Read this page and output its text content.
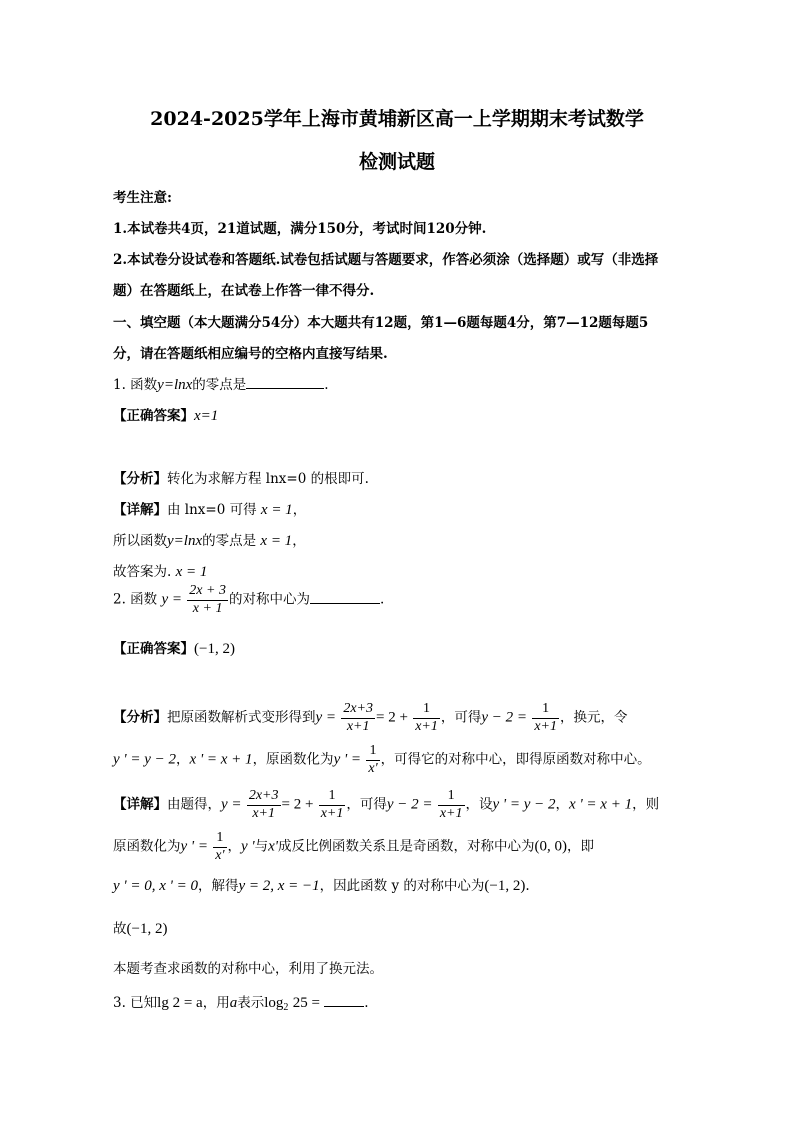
2024-2025学年上海市黄埔新区高一上学期期末考试数学
检测试题
考生注意:
1.本试卷共4页，21道试题，满分150分，考试时间120分钟.
2.本试卷分设试卷和答题纸.试卷包括试题与答题要求，作答必须涂（选择题）或写（非选择
题）在答题纸上，在试卷上作答一律不得分.
一、填空题（本大题满分54分）本大题共有12题，第1—6题每题4分，第7—12题每题5
分，请在答题纸相应编号的空格内直接写结果.
1. 函数y=lnx的零点是	.
【正确答案】x=1
【分析】转化为求解方程 lnx=0 的根即可.
【详解】由 lnx=0 可得 x = 1，
所以函数y=lnx的零点是 x = 1，
故答案为. x = 1
2. 函数 $y = \frac{2x + 3}{x + 1}$ 的对称中心为	.
【正确答案】(−1, 2)
【分析】把原函数解析式变形得到$y = \frac{2x+3}{x+1} = 2 + \frac{1}{x+1}$ ，可得$y - 2 = \frac{1}{x+1}$ ，换元，令
y ' = y − 2，x ' = x + 1，原函数化为y ' = $\frac{1}{x'}$ ，可得它的对称中心，即得原函数对称中心。
【详解】由题得，$y = \frac{2x+3}{x+1} = 2 + \frac{1}{x+1}$ ，可得$y - 2 = \frac{1}{x+1}$ ，设y ' = y − 2，x ' = x + 1，则
原函数化为y ' = $\frac{1}{x'}$ ，y '与x'成反比例函数关系且是奇函数，对称中心为(0, 0)，即
y ' = 0, x ' = 0，解得y = 2, x = −1，因此函数 y 的对称中心为(−1, 2).
故(−1, 2)
本题考查求函数的对称中心，利用了换元法。
3. 已知lg 2 = a，用a表示$\log_2 25$ =	.
